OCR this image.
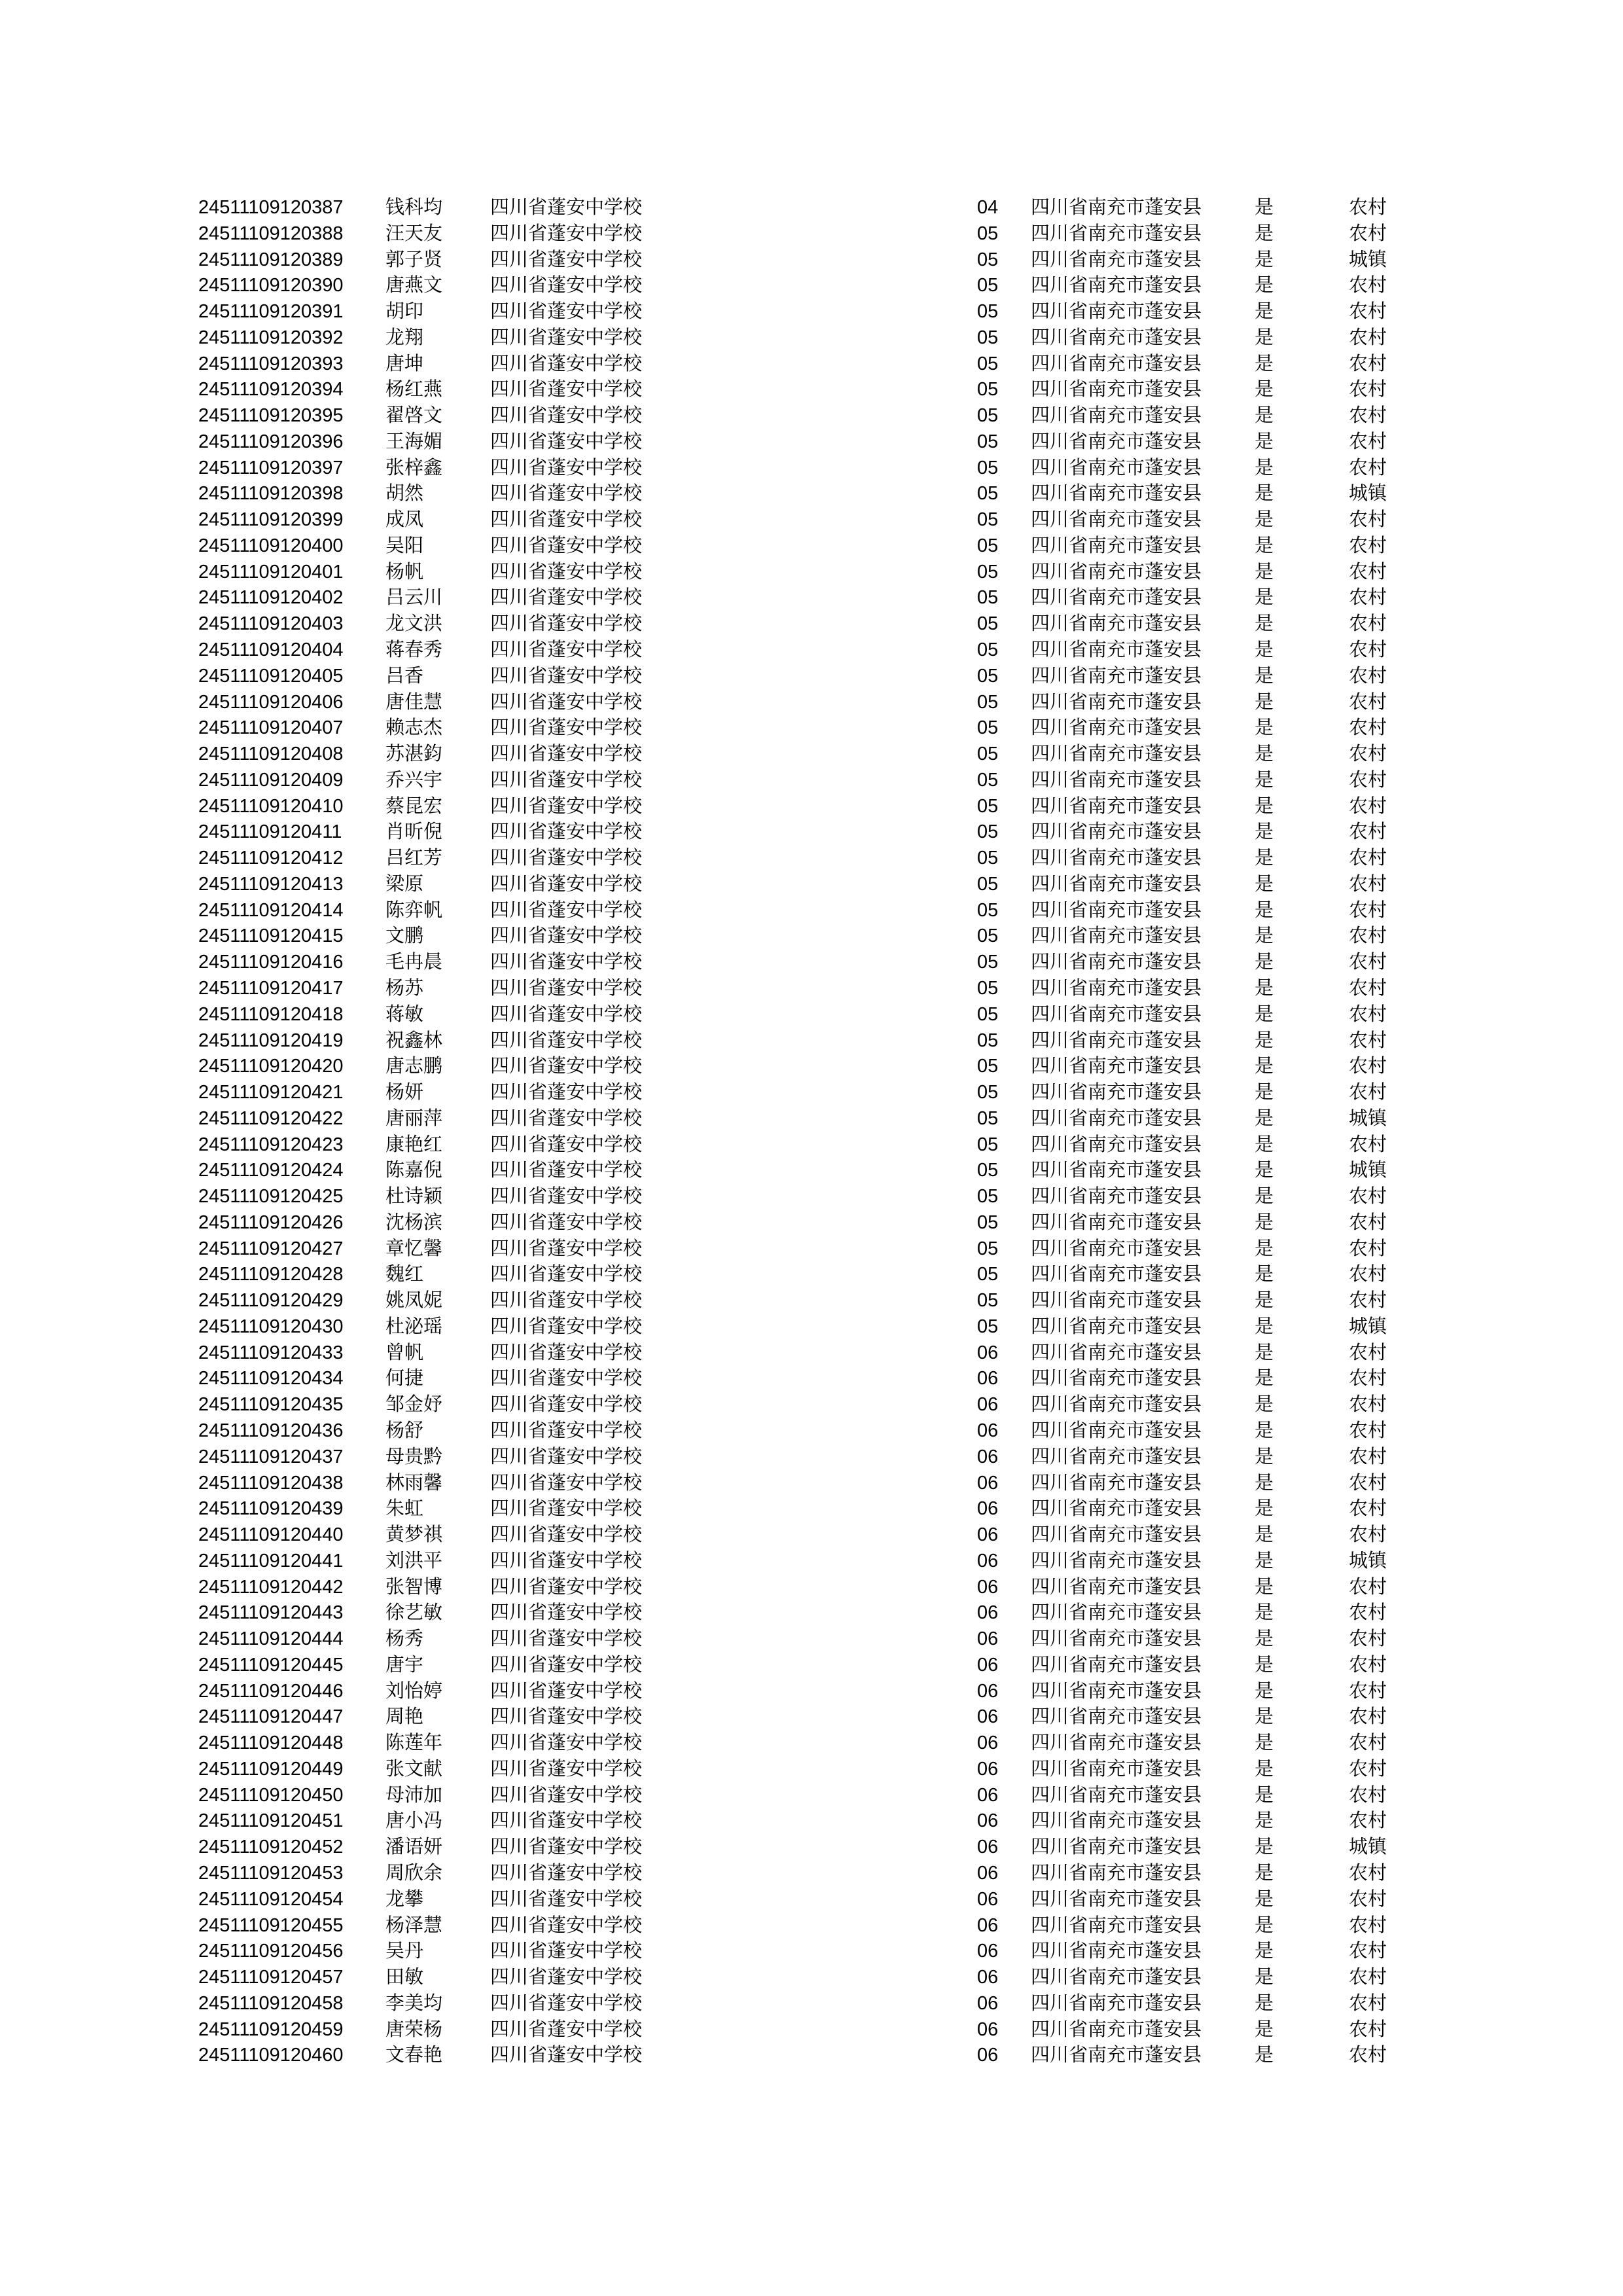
24511109120387 钱科均	四川省蓬安中学校	04 四川省南充市蓬安县	是	农村
24511109120388 汪天友	四川省蓬安中学校	05 四川省南充市蓬安县	是	农村
24511109120389 郭子贤	四川省蓬安中学校	05 四川省南充市蓬安县	是	城镇
24511109120390 唐燕文	四川省蓬安中学校	05 四川省南充市蓬安县	是	农村
24511109120391 胡印	四川省蓬安中学校	05 四川省南充市蓬安县	是	农村
24511109120392 龙翔	四川省蓬安中学校	05 四川省南充市蓬安县	是	农村
24511109120393 唐坤	四川省蓬安中学校	05 四川省南充市蓬安县	是	农村
24511109120394 杨红燕	四川省蓬安中学校	05 四川省南充市蓬安县	是	农村
24511109120395 翟啓文	四川省蓬安中学校	05 四川省南充市蓬安县	是	农村
24511109120396 王海媚	四川省蓬安中学校	05 四川省南充市蓬安县	是	农村
24511109120397 张梓鑫	四川省蓬安中学校	05 四川省南充市蓬安县	是	农村
24511109120398 胡然	四川省蓬安中学校	05 四川省南充市蓬安县	是	城镇
24511109120399 成凤	四川省蓬安中学校	05 四川省南充市蓬安县	是	农村
24511109120400 吴阳	四川省蓬安中学校	05 四川省南充市蓬安县	是	农村
24511109120401 杨帆	四川省蓬安中学校	05 四川省南充市蓬安县	是	农村
24511109120402 吕云川	四川省蓬安中学校	05 四川省南充市蓬安县	是	农村
24511109120403 龙文洪	四川省蓬安中学校	05 四川省南充市蓬安县	是	农村
24511109120404 蒋春秀	四川省蓬安中学校	05 四川省南充市蓬安县	是	农村
24511109120405 吕香	四川省蓬安中学校	05 四川省南充市蓬安县	是	农村
24511109120406 唐佳慧	四川省蓬安中学校	05 四川省南充市蓬安县	是	农村
24511109120407 赖志杰	四川省蓬安中学校	05 四川省南充市蓬安县	是	农村
24511109120408 苏湛鈞	四川省蓬安中学校	05 四川省南充市蓬安县	是	农村
24511109120409 乔兴宇	四川省蓬安中学校	05 四川省南充市蓬安县	是	农村
24511109120410 蔡昆宏	四川省蓬安中学校	05 四川省南充市蓬安县	是	农村
24511109120411 肖昕倪	四川省蓬安中学校	05 四川省南充市蓬安县	是	农村
24511109120412 吕红芳	四川省蓬安中学校	05 四川省南充市蓬安县	是	农村
24511109120413 梁原	四川省蓬安中学校	05 四川省南充市蓬安县	是	农村
24511109120414 陈弈帆	四川省蓬安中学校	05 四川省南充市蓬安县	是	农村
24511109120415 文鹏	四川省蓬安中学校	05 四川省南充市蓬安县	是	农村
24511109120416 毛冉晨	四川省蓬安中学校	05 四川省南充市蓬安县	是	农村
24511109120417 杨苏	四川省蓬安中学校	05 四川省南充市蓬安县	是	农村
24511109120418 蒋敏	四川省蓬安中学校	05 四川省南充市蓬安县	是	农村
24511109120419 祝鑫林	四川省蓬安中学校	05 四川省南充市蓬安县	是	农村
24511109120420 唐志鹏	四川省蓬安中学校	05 四川省南充市蓬安县	是	农村
24511109120421 杨妍	四川省蓬安中学校	05 四川省南充市蓬安县	是	农村
24511109120422 唐丽萍	四川省蓬安中学校	05 四川省南充市蓬安县	是	城镇
24511109120423 康艳红	四川省蓬安中学校	05 四川省南充市蓬安县	是	农村
24511109120424 陈嘉倪	四川省蓬安中学校	05 四川省南充市蓬安县	是	城镇
24511109120425 杜诗颖	四川省蓬安中学校	05 四川省南充市蓬安县	是	农村
24511109120426 沈杨滨	四川省蓬安中学校	05 四川省南充市蓬安县	是	农村
24511109120427 章忆馨	四川省蓬安中学校	05 四川省南充市蓬安县	是	农村
24511109120428 魏红	四川省蓬安中学校	05 四川省南充市蓬安县	是	农村
24511109120429 姚凤妮	四川省蓬安中学校	05 四川省南充市蓬安县	是	农村
24511109120430 杜泌瑶	四川省蓬安中学校	05 四川省南充市蓬安县	是	城镇
24511109120433 曾帆	四川省蓬安中学校	06 四川省南充市蓬安县	是	农村
24511109120434 何捷	四川省蓬安中学校	06 四川省南充市蓬安县	是	农村
24511109120435 邹金妤	四川省蓬安中学校	06 四川省南充市蓬安县	是	农村
24511109120436 杨舒	四川省蓬安中学校	06 四川省南充市蓬安县	是	农村
24511109120437 母贵黔	四川省蓬安中学校	06 四川省南充市蓬安县	是	农村
24511109120438 林雨馨	四川省蓬安中学校	06 四川省南充市蓬安县	是	农村
24511109120439 朱虹	四川省蓬安中学校	06 四川省南充市蓬安县	是	农村
24511109120440 黄梦祺	四川省蓬安中学校	06 四川省南充市蓬安县	是	农村
24511109120441 刘洪平	四川省蓬安中学校	06 四川省南充市蓬安县	是	城镇
24511109120442 张智博	四川省蓬安中学校	06 四川省南充市蓬安县	是	农村
24511109120443 徐艺敏	四川省蓬安中学校	06 四川省南充市蓬安县	是	农村
24511109120444 杨秀	四川省蓬安中学校	06 四川省南充市蓬安县	是	农村
24511109120445 唐宇	四川省蓬安中学校	06 四川省南充市蓬安县	是	农村
24511109120446 刘怡婷	四川省蓬安中学校	06 四川省南充市蓬安县	是	农村
24511109120447 周艳	四川省蓬安中学校	06 四川省南充市蓬安县	是	农村
24511109120448 陈莲年	四川省蓬安中学校	06 四川省南充市蓬安县	是	农村
24511109120449 张文献	四川省蓬安中学校	06 四川省南充市蓬安县	是	农村
24511109120450 母沛加	四川省蓬安中学校	06 四川省南充市蓬安县	是	农村
24511109120451 唐小冯	四川省蓬安中学校	06 四川省南充市蓬安县	是	农村
24511109120452 潘语妍	四川省蓬安中学校	06 四川省南充市蓬安县	是	城镇
24511109120453 周欣余	四川省蓬安中学校	06 四川省南充市蓬安县	是	农村
24511109120454 龙攀	四川省蓬安中学校	06 四川省南充市蓬安县	是	农村
24511109120455 杨泽慧	四川省蓬安中学校	06 四川省南充市蓬安县	是	农村
24511109120456 吴丹	四川省蓬安中学校	06 四川省南充市蓬安县	是	农村
24511109120457 田敏	四川省蓬安中学校	06 四川省南充市蓬安县	是	农村
24511109120458 李美均	四川省蓬安中学校	06 四川省南充市蓬安县	是	农村
24511109120459 唐荣杨	四川省蓬安中学校	06 四川省南充市蓬安县	是	农村
24511109120460 文春艳	四川省蓬安中学校	06 四川省南充市蓬安县	是	农村
